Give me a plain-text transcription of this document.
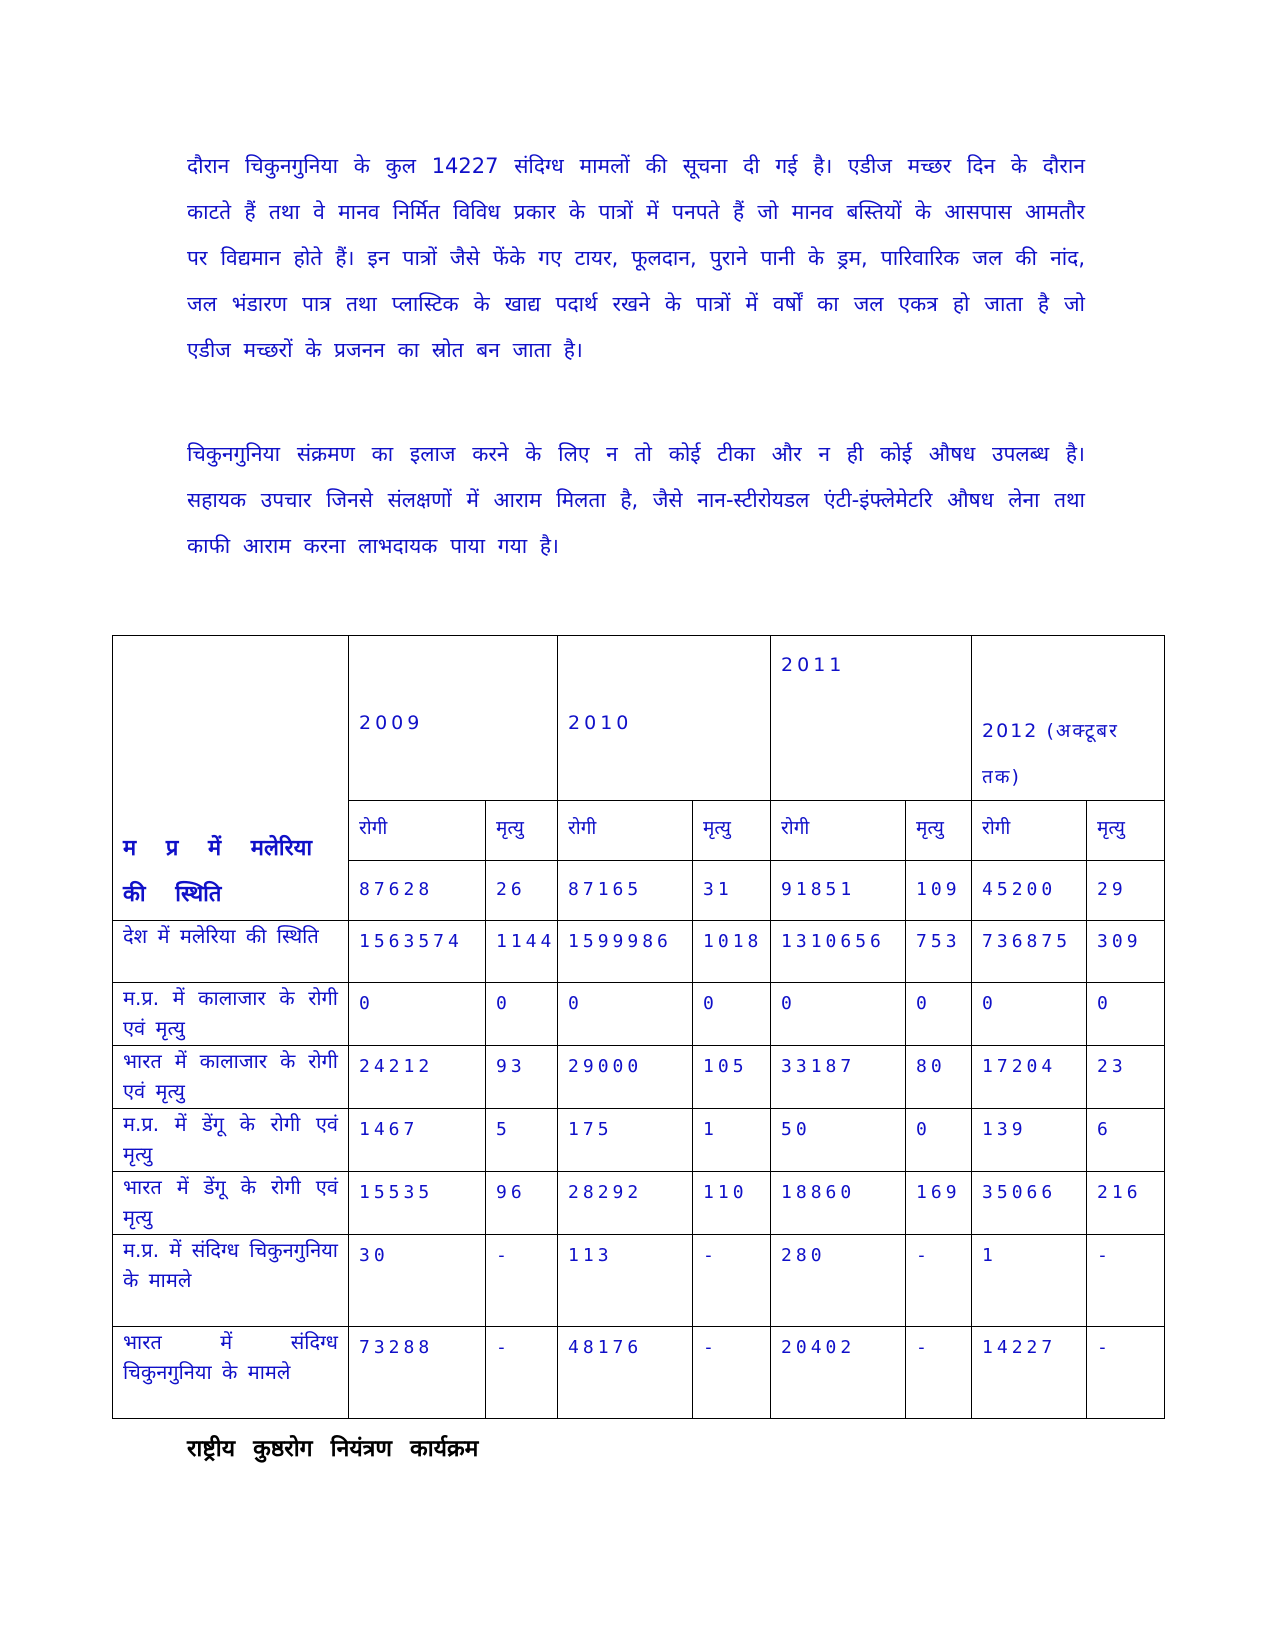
दौरान चिकुनगुनिया के कुल 14227 संदिग्ध मामलों की सूचना दी गई है। एडीज मच्छर दिन के दौरान काटते हैं तथा वे मानव निर्मित विविध प्रकार के पात्रों में पनपते हैं जो मानव बस्तियों के आसपास आमतौर पर विद्यमान होते हैं। इन पात्रों जैसे फेंके गए टायर, फूलदान, पुराने पानी के ड्रम, पारिवारिक जल की नांद, जल भंडारण पात्र तथा प्लास्टिक के खाद्य पदार्थ रखने के पात्रों में वर्षों का जल एकत्र हो जाता है जो एडीज मच्छरों के प्रजनन का स्रोत बन जाता है।

चिकुनगुनिया संक्रमण का इलाज करने के लिए न तो कोई टीका और न ही कोई औषध उपलब्ध है। सहायक उपचार जिनसे संलक्षणों में आराम मिलता है, जैसे नान-स्टीरोयडल एंटी-इंफ्लेमेटरि औषध लेना तथा काफी आराम करना लाभदायक पाया गया है।

म प्र में मलेरिया की स्थिति	2009		2010		2011		2012 (अक्टूबर तक)	
	रोगी	मृत्यु	रोगी	मृत्यु	रोगी	मृत्यु	रोगी	मृत्यु
	87628	26	87165	31	91851	109	45200	29
देश में मलेरिया की स्थिति	1563574	1144	1599986	1018	1310656	753	736875	309
म.प्र. में कालाजार के रोगी एवं मृत्यु	0	0	0	0	0	0	0	0
भारत में कालाजार के रोगी एवं मृत्यु	24212	93	29000	105	33187	80	17204	23
म.प्र. में डेंगू के रोगी एवं मृत्यु	1467	5	175	1	50	0	139	6
भारत में डेंगू के रोगी एवं मृत्यु	15535	96	28292	110	18860	169	35066	216
म.प्र. में संदिग्ध चिकुनगुनिया के मामले	30	-	113	-	280	-	1	-
भारत में संदिग्ध चिकुनगुनिया के मामले	73288	-	48176	-	20402	-	14227	-

राष्ट्रीय कुष्ठरोग नियंत्रण कार्यक्रम
